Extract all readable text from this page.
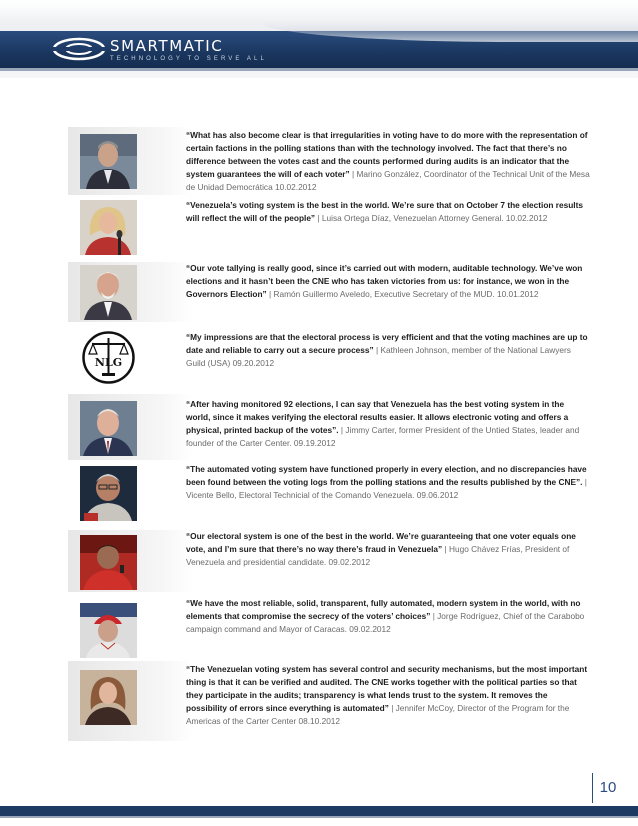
SMARTMATIC
TECHNOLOGY TO SERVE ALL
“What has also become clear is that irregularities in voting have to do more with the representation of certain factions in the polling stations than with the technology involved. The fact that there’s no difference between the votes cast and the counts performed during audits is an indicator that the system guarantees the will of each voter” | Marino González, Coordinator of the Technical Unit of the Mesa de Unidad Democrática 10.02.2012
“Venezuela’s voting system is the best in the world. We’re sure that on October 7 the election results will reflect the will of the people” | Luisa Ortega Díaz, Venezuelan Attorney General. 10.02.2012
“Our vote tallying is really good, since it’s carried out with modern, auditable technology. We’ve won elections and it hasn’t been the CNE who has taken victories from us: for instance, we won in the Governors Election” | Ramón Guillermo Aveledo, Executive Secretary of the MUD. 10.01.2012
NLG
“My impressions are that the electoral process is very efficient and that the voting machines are up to date and reliable to carry out a secure process” | Kathleen Johnson, member of the National Lawyers Guild (USA) 09.20.2012
“After having monitored 92 elections, I can say that Venezuela has the best voting system in the world, since it makes verifying the electoral results easier. It allows electronic voting and offers a physical, printed backup of the votes”. | Jimmy Carter, former President of the Untied States, leader and founder of the Carter Center. 09.19.2012
“The automated voting system have functioned properly in every election, and no discrepancies have been found between the voting logs from the polling stations and the results published by the CNE”. | Vicente Bello, Electoral Technicial of the Comando Venezuela. 09.06.2012
“Our electoral system is one of the best in the world. We’re guaranteeing that one voter equals one vote, and I’m sure that there’s no way there’s fraud in Venezuela” | Hugo Chávez Frías, President of Venezuela and presidential candidate. 09.02.2012
“We have the most reliable, solid, transparent, fully automated, modern system in the world, with no elements that compromise the secrecy of the voters’ choices” | Jorge Rodríguez, Chief of the Carabobo campaign command and Mayor of Caracas. 09.02.2012
“The Venezuelan voting system has several control and security mechanisms, but the most important thing is that it can be verified and audited. The CNE works together with the political parties so that they participate in the audits; transparency is what lends trust to the system. It removes the possibility of errors since everything is automated” | Jennifer McCoy, Director of the Program for the Americas of the Carter Center 08.10.2012
10
